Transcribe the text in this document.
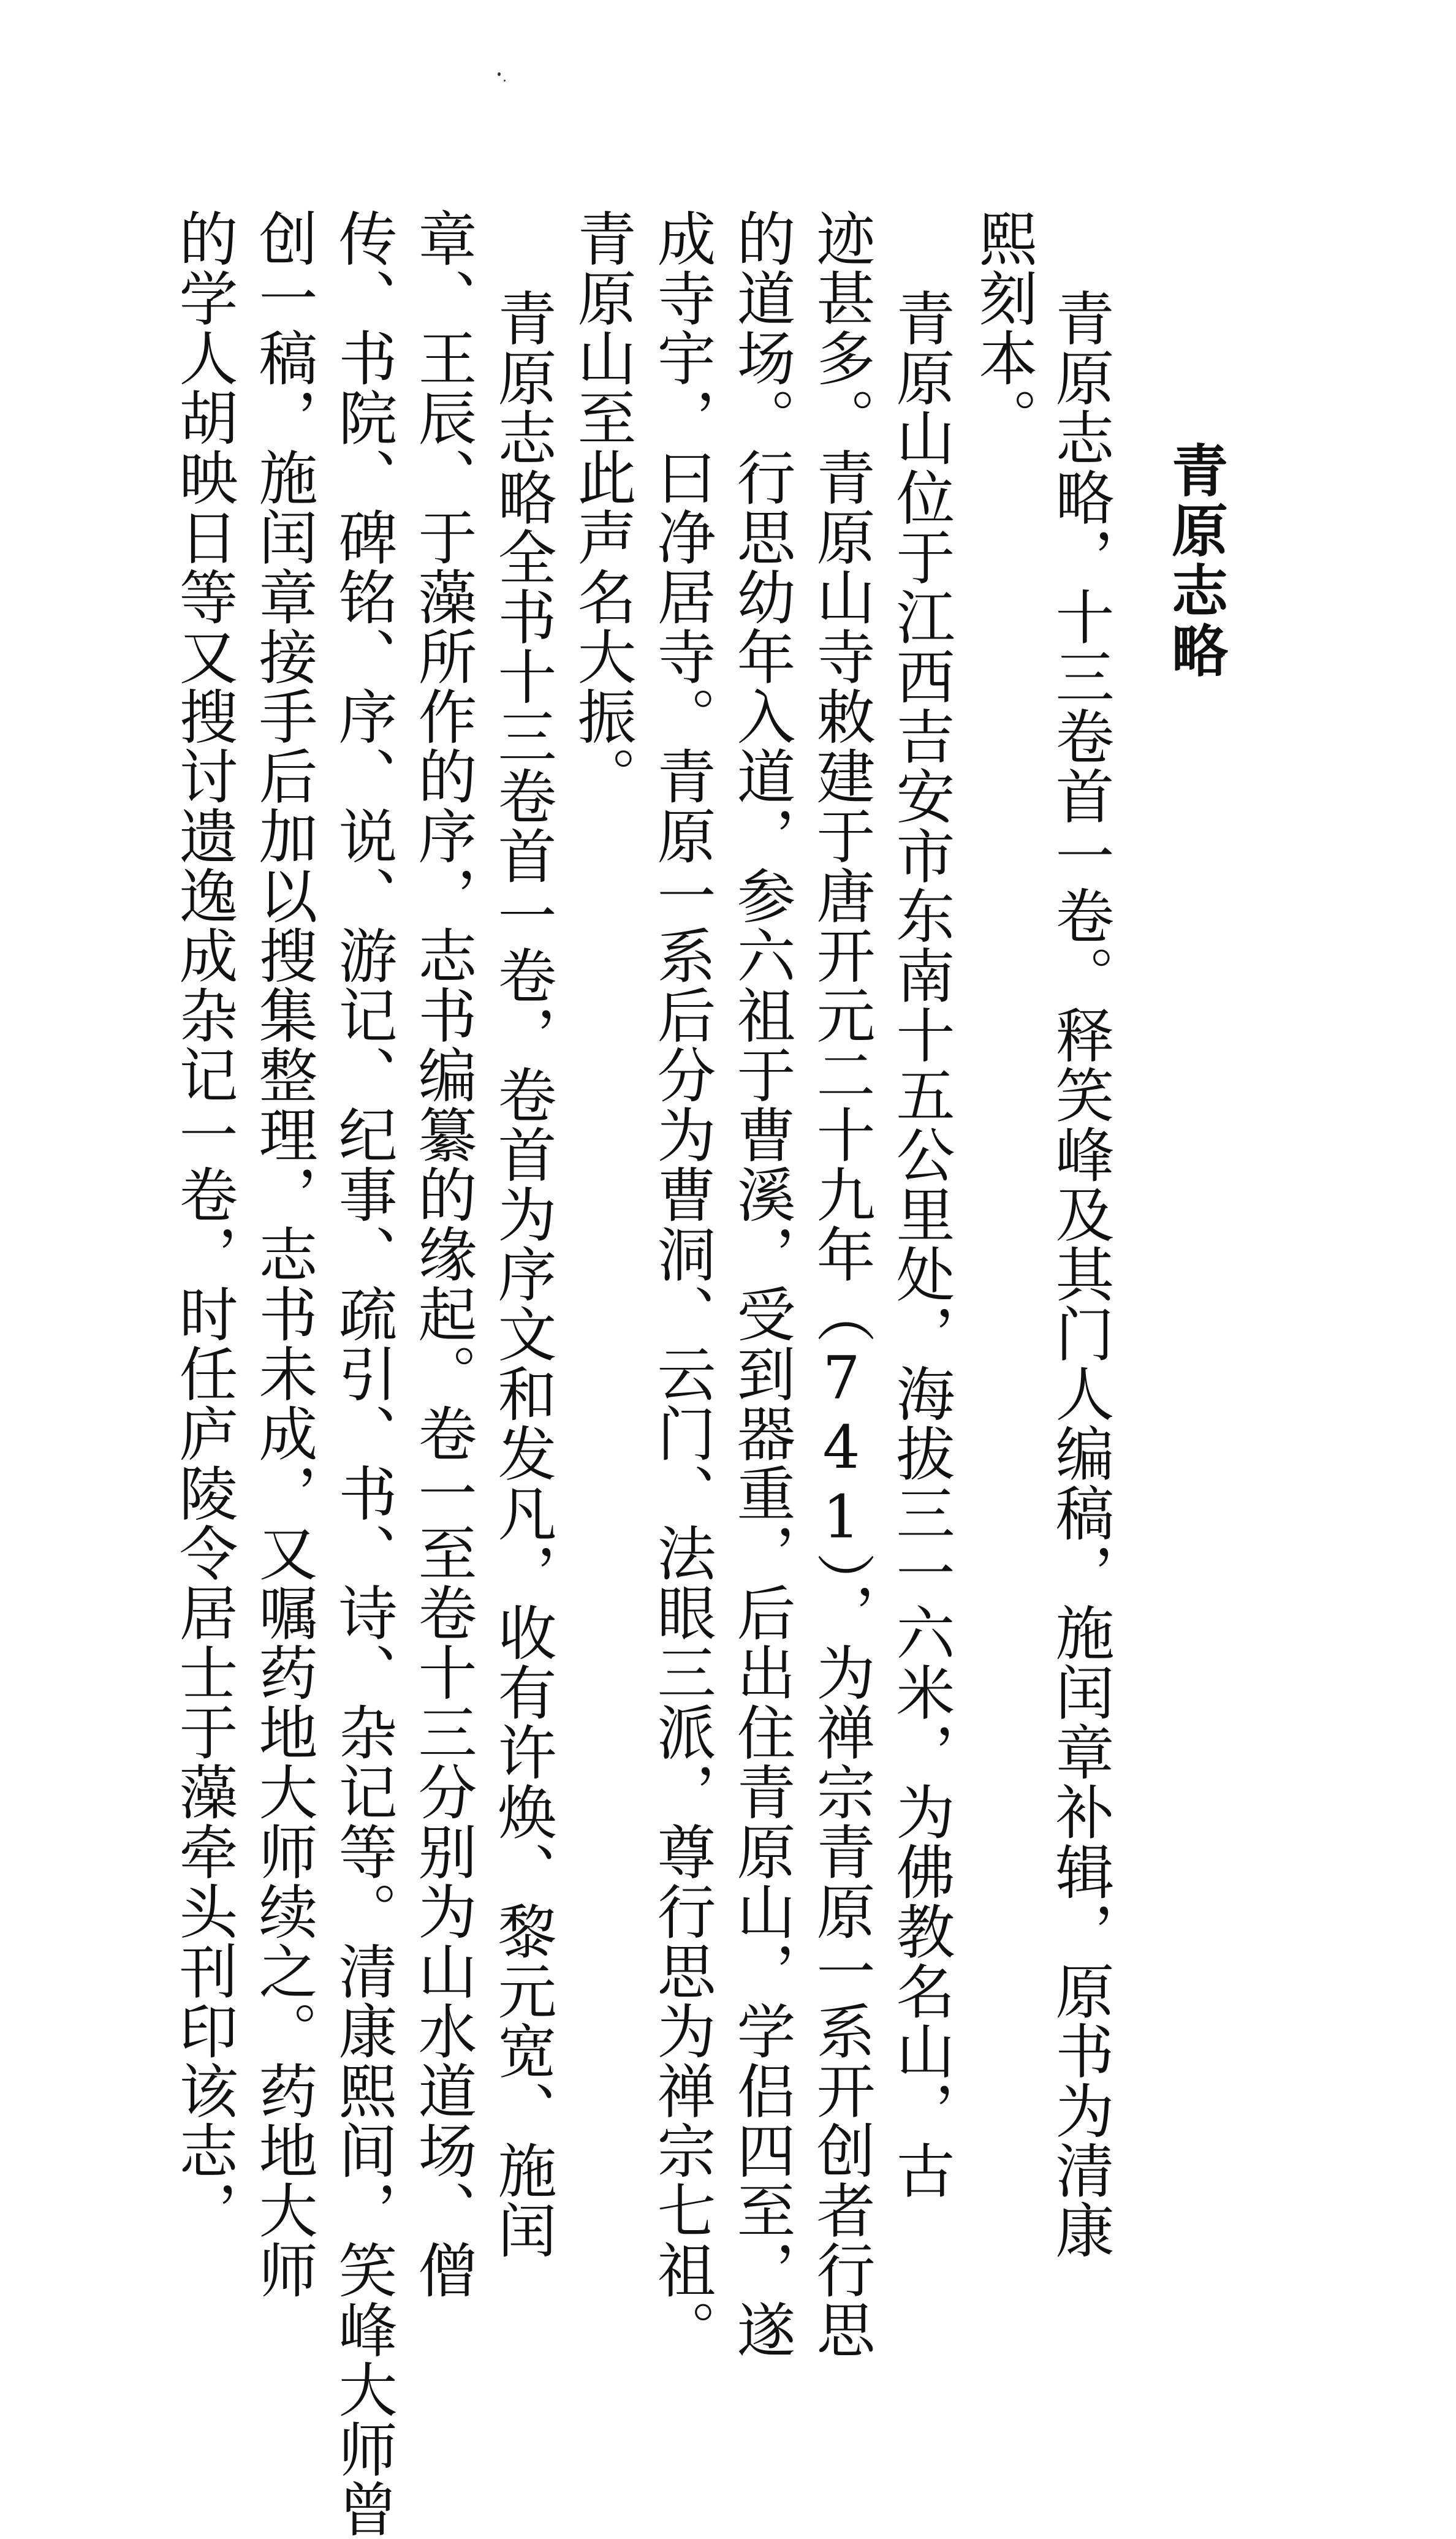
青原志略
青原志略，十三卷首一卷。释笑峰及其门人编稿，施闰章补辑，原书为清康
熙刻本。
青原山位于江西吉安市东南十五公里处，海拔三一六米，为佛教名山，古
迹甚多。青原山寺敕建于唐开元二十九年（741），为禅宗青原一系开创者行思
的道场。行思幼年入道，参六祖于曹溪，受到器重，后出住青原山，学侣四至，遂
成寺宇，曰净居寺。青原一系后分为曹洞、云门、法眼三派，尊行思为禅宗七祖。
青原山至此声名大振。
青原志略全书十三卷首一卷，卷首为序文和发凡，收有许焕、黎元宽、施闰
章、王辰、于藻所作的序，志书编纂的缘起。卷一至卷十三分别为山水道场、僧
传、书院、碑铭、序、说、游记、纪事、疏引、书、诗、杂记等。清康熙间，笑峰大师曾
创一稿，施闰章接手后加以搜集整理，志书未成，又嘱药地大师续之。药地大师
的学人胡映日等又搜讨遗逸成杂记一卷，时任庐陵令居士于藻牵头刊印该志，
